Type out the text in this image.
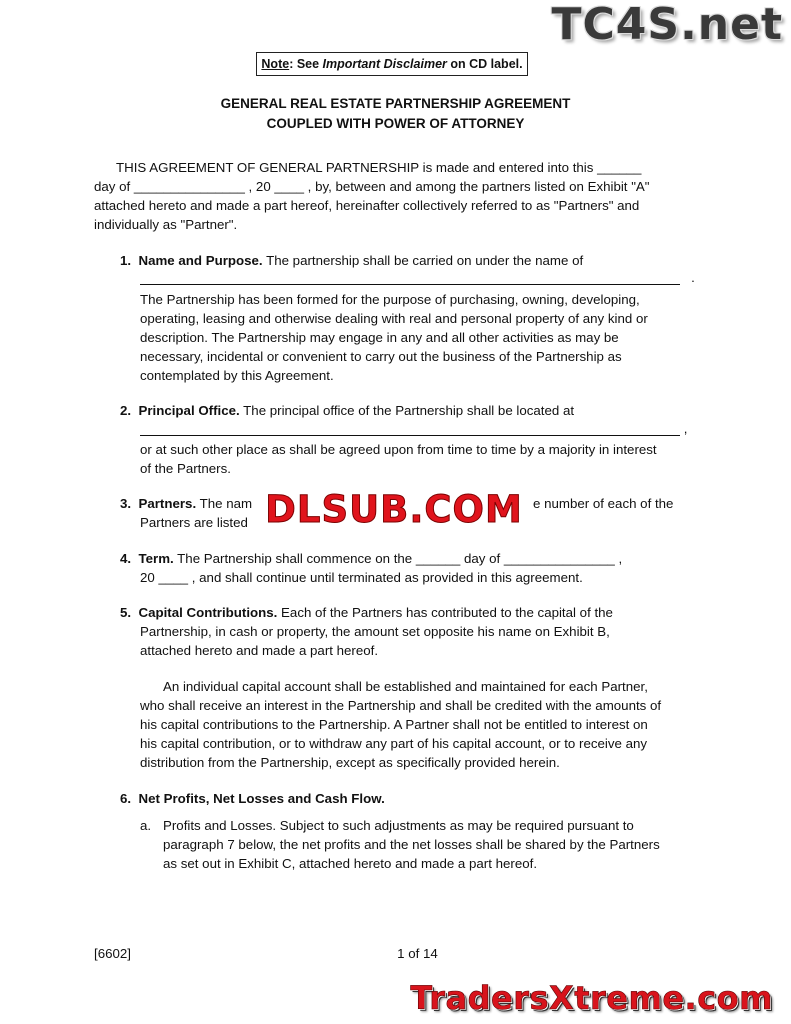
TC4S.net
Note: See Important Disclaimer on CD label.
GENERAL REAL ESTATE PARTNERSHIP AGREEMENT
COUPLED WITH POWER OF ATTORNEY
THIS AGREEMENT OF GENERAL PARTNERSHIP is made and entered into this ______
day of _______________ , 20 ____ , by, between and among the partners listed on Exhibit "A"
attached hereto and made a part hereof, hereinafter collectively referred to as "Partners" and
individually as "Partner".
1. Name and Purpose. The partnership shall be carried on under the name of
.
The Partnership has been formed for the purpose of purchasing, owning, developing,
operating, leasing and otherwise dealing with real and personal property of any kind or
description. The Partnership may engage in any and all other activities as may be
necessary, incidental or convenient to carry out the business of the Partnership as
contemplated by this Agreement.
2. Principal Office. The principal office of the Partnership shall be located at
,
or at such other place as shall be agreed upon from time to time by a majority in interest
of the Partners.
3. Partners. The nam	e number of each of the
Partners are listed DLSUB.COM
4. Term. The Partnership shall commence on the ______ day of _______________ ,
20 ____ , and shall continue until terminated as provided in this agreement.
5. Capital Contributions. Each of the Partners has contributed to the capital of the
Partnership, in cash or property, the amount set opposite his name on Exhibit B,
attached hereto and made a part hereof.
An individual capital account shall be established and maintained for each Partner,
who shall receive an interest in the Partnership and shall be credited with the amounts of
his capital contributions to the Partnership. A Partner shall not be entitled to interest on
his capital contribution, or to withdraw any part of his capital account, or to receive any
distribution from the Partnership, except as specifically provided herein.
6. Net Profits, Net Losses and Cash Flow.
a. Profits and Losses. Subject to such adjustments as may be required pursuant to
paragraph 7 below, the net profits and the net losses shall be shared by the Partners
as set out in Exhibit C, attached hereto and made a part hereof.
[6602]	1 of 14
TradersXtreme.com
